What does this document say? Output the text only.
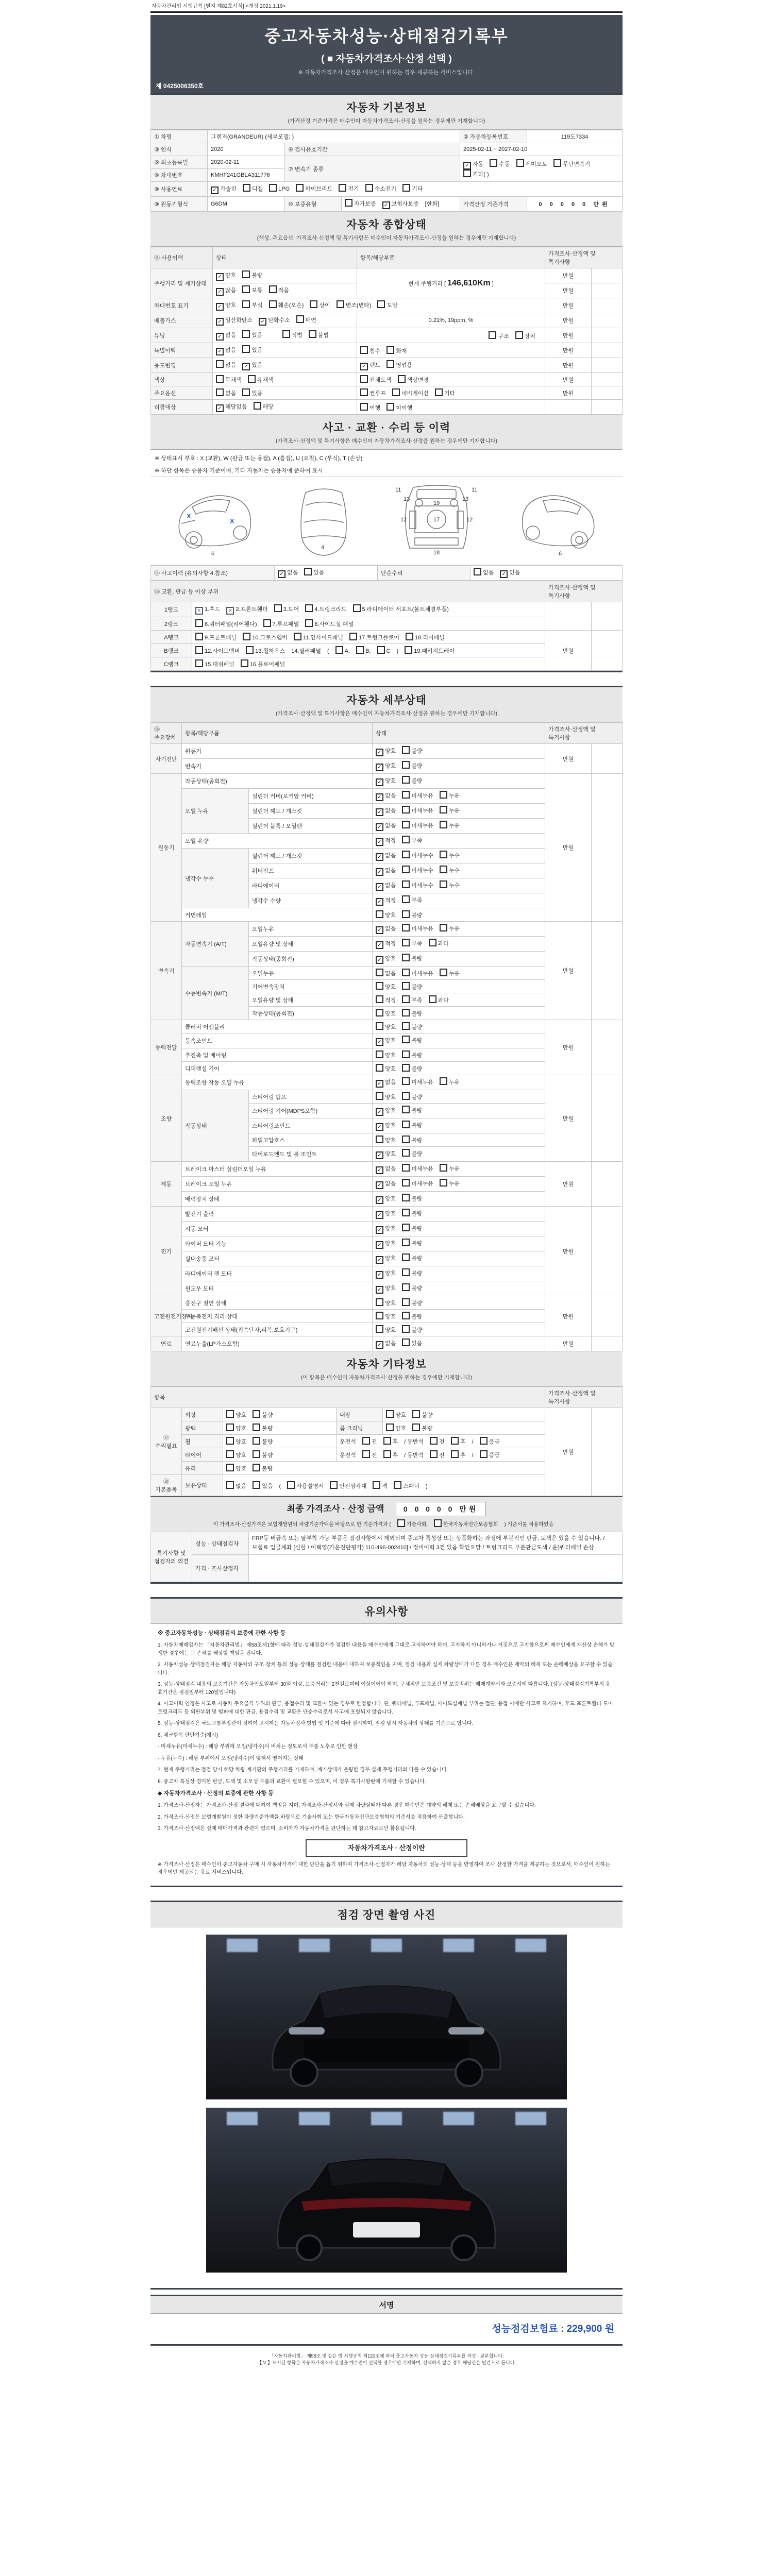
자동차관리법 시행규칙 [별지 제82호서식] <개정 2021.1.19>
중고자동차성능·상태점검기록부
( ■ 자동차가격조사·산정 선택 )
※ 자동차가격조사·산정은 매수인이 원하는 경우 제공하는 서비스입니다.
제 0425006350호
자동차 기본정보
(가격산정 기준가격은 매수인이 자동차가격조사·산정을 원하는 경우에만 기재합니다)
① 차명	그랜저(GRANDEUR) (세부모델: )			② 자동차등록번호	119도7334
③ 연식	2020	④ 검사유효기간		2025-02-11 ~ 2027-02-10	
⑤ 최초등록일	2020-02-11	⑦ 변속기 종류		✓ 자동 수동 세미오토 무단변속기기타( )	
⑥ 차대번호	KMHF241GBLA311776				
⑧ 사용연료	✓ 가솔린 디젤 LPG 하이브리드 전기 수소전기 기타				
⑨ 원동기형식	G6DM	⑩ 보증유형	자가보증 ✓ 보험사보증 [한화]	가격산정 기준가격	0 0 0 0 0 만원
자동차 종합상태
(색상, 주요옵션, 가격조사·산정액 및 특기사항은 매수인이 자동차가격조사·산정을 원하는 경우에만 기재합니다)
⑪ 사용이력	상태	항목/해당부품	가격조사·산정액 및 특기사항	
주행거리 및 계기상태	✓ 양호 불량	현재 주행거리 [ 146,610Km ]	만원	
	✓ 많음 보통 적음		만원	
차대번호 표기	✓ 양호 부식 훼손(오손) 상이 변조(변타) 도말		만원	
배출가스	✓ 일산화탄소 ✓ 탄화수소 매연	0.21%, 19ppm, %	만원	
튜닝	✓ 없음 있음 적법 불법	구조 장치	만원	
특별이력	✓ 없음 있음	침수 화재	만원	
용도변경	없음 ✓ 있음	✓ 렌트 영업용	만원	
색상	무채색 유채색	전체도색 색상변경	만원	
주요옵션	없음 있음	썬루프 네비게이션 기타	만원	
리콜대상	✓ 해당없음 해당	이행 미이행		
사고 · 교환 · 수리 등 이력
(가격조사·산정액 및 특기사항은 매수인이 자동차가격조사·산정을 원하는 경우에만 기재합니다)
※ 상태표시 부호 : X (교환), W (판금 또는 용접), A (흠집), U (요철), C (부식), T (손상)
※ 하단 항목은 승용차 기준이며, 기타 자동차는 승용차에 준하여 표시
X
X
6
4
13	13
19
12	12
17
18
11	11
6
⑭ 사고이력 (유의사항 4.참조)	✓ 없음	있음	단순수리	없음 ✓ 있음
⑮ 교환, 판금 등 이상 부위		가격조사·산정액 및 특기사항	
1랭크	✕ 1.후드 ✕ 2.프론트휀더 3.도어 4.트렁크리드 5.라디에이터 서포트(볼트체결부품)		
2랭크	6.쿼터패널(리어휀다) 7.루프패널 8.사이드실 패널		
A랭크	9.프론트패널 10.크로스멤버 11.인사이드패널 17.트렁크플로어 18.리어패널	만원	
B랭크	12.사이드멤버 13.휠하우스 14.필러패널 ( A, B, C ) 19.패키지트레이		
C랭크	15.대쉬패널 16.플로어패널		
자동차 세부상태
(가격조사·산정액 및 특기사항은 매수인이 자동차가격조사·산정을 원하는 경우에만 기재합니다)
⑯ 주요장치	항목/해당부품		상태	가격조사·산정액 및 특기사항	
자기진단	원동기		✓ 양호 불량	만원	
	변속기		✓ 양호 불량		
원동기	작동상태(공회전)		✓ 양호 불량	만원	
	오일 누유	실린더 커버(로커암 커버)	✓ 없음 미세누유 누유		
		실린더 헤드 / 개스킷	✓ 없음 미세누유 누유		
		실린더 블록 / 오일팬	✓ 없음 미세누유 누유		
	오일 유량		✓ 적정 부족		
	냉각수 누수	실린더 헤드 / 개스킷	✓ 없음 미세누수 누수		
		워터펌프	✓ 없음 미세누수 누수		
		라디에이터	✓ 없음 미세누수 누수		
		냉각수 수량	✓ 적정 부족		
	커먼레일		양호 불량		
변속기	자동변속기 (A/T)	오일누유	✓ 없음 미세누유 누유	만원	
		오일유량 및 상태	✓ 적정 부족 과다		
		작동상태(공회전)	✓ 양호 불량		
	수동변속기 (M/T)	오일누유	없음 미세누유 누유		
		기어변속장치	양호 불량		
		오일유량 및 상태	적정 부족 과다		
		작동상태(공회전)	양호 불량		
동력전달	클러치 어셈블리		양호 불량	만원	
	등속조인트		✓ 양호 불량		
	추진축 및 베어링		양호 불량		
	디퍼렌셜 기어		양호 불량		
조향	동력조향 작동 오일 누유		✓ 없음 미세누유 누유	만원	
	작동상태	스티어링 펌프	양호 불량		
		스티어링 기어(MDPS포함)	✓ 양호 불량		
		스티어링조인트	✓ 양호 불량		
		파워고압호스	양호 불량		
		타이로드엔드 및 볼 조인트	✓ 양호 불량		
제동	브레이크 마스터 실린더오일 누유		✓ 없음 미세누유 누유	만원	
	브레이크 오일 누유		✓ 없음 미세누유 누유		
	배력장치 상태		✓ 양호 불량		
전기	발전기 출력		✓ 양호 불량	만원	
	시동 모터		✓ 양호 불량		
	와이퍼 모터 기능		✓ 양호 불량		
	실내송풍 모터		✓ 양호 불량		
	라디에이터 팬 모터		✓ 양호 불량		
	윈도우 모터		✓ 양호 불량		
고전원전기장치	충전구 절연 상태		양호 불량	만원	
	구동축전지 격리 상태		양호 불량		
	고전원전기배선 상태(접속단자,피복,보호기구)		양호 불량		
연료	연료누출(LP가스포함)		✓ 없음 있음	만원	
자동차 기타정보
(이 항목은 매수인이 자동차가격조사·산정을 원하는 경우에만 기재합니다)
항목					가격조사·산정액 및 특기사항	
⑰ 수리필요	외장	양호 불량	내장	양호 불량	만원	
	광택	양호 불량	룸 크리닝	양호 불량		
	휠	양호 불량	운전석 전 후 / 동반석 전 후 / 응급			
	타이어	양호 불량	운전석 전 후 / 동반석 전 후 / 응급			
	유리	양호 불량				
⑱ 기본품목	보유상태	없음 있음 ( 사용설명서 안전삼각대 잭 스패너 )				
최종 가격조사 · 산정 금액	0 0 0 0 0 만원
이 가격조사·산정가격은 보험개발원의 차량기준가액을 바탕으로 한 기준가격과 (	기술사회,	한국자동차진단보증협회 ) 기준서를 적용하였음
특기사항 및 점검자의 의견	성능 · 상태점검자	FRP등 비금속 또는 탈부착 가능 부품은 점검사항에서 제외되며 중고차 특성상 또는 상품화하는 과정에 부분적인 판금, 도색은 있을 수 있습니다. / 보험료 입금계좌 [신한 / 이택영(가온진단평가) 110-496-002410] / 정비이력 3건 있음 확인요망 / 트렁크리드 부분판금도색 / 운)쿼터패널 손상
	가격 · 조사산정자	
유의사항

※ 중고자동차성능 · 상태점검의 보증에 관한 사항 등

1. 자동차매매업자는 「자동차관리법」 제58조제1항에 따라 성능·상태점검자가 점검한 내용을 매수인에게 그대로 고지하여야 하며, 고지하지 아니하거나 거짓으로 고지함으로써 매수인에게 재산상 손해가 발생한 경우에는 그 손해를 배상할 책임을 집니다.

2. 자동차성능·상태점검자는 해당 자동차의 구조·장치 등의 성능·상태를 점검한 내용에 대하여 보증책임을 지며, 점검 내용과 실제 차량상태가 다른 경우 매수인은 계약의 해제 또는 손해배상을 요구할 수 있습니다.

3. 성능·상태점검 내용의 보증기간은 자동차인도일부터 30일 이상, 보증거리는 2천킬로미터 이상이어야 하며, 구체적인 보증조건 및 보증범위는 매매계약서와 보증서에 따릅니다. (성능·상태점검기록부의 유효기간은 점검일부터 120일입니다)

4. 사고이력 인정은 사고로 자동차 주요골격 부위의 판금, 용접수리 및 교환이 있는 경우로 한정합니다. 단, 쿼터패널, 루프패널, 사이드실패널 부위는 절단, 용접 시에만 사고로 표기하며, 후드·프론트휀더·도어·트렁크리드 등 외판부위 및 범퍼에 대한 판금, 용접수리 및 교환은 단순수리로서 사고에 포함되지 않습니다.

5. 성능·상태점검은 국토교통부장관이 정하여 고시하는 자동차검사 방법 및 기준에 따라 실시하며, 점검 당시 자동차의 상태를 기준으로 합니다.

6. 체크항목 판단기준(예시)

- 미세누유(미세누수) : 해당 부위에 오일(냉각수)이 비치는 정도로서 부품 노후로 인한 현상

- 누유(누수) : 해당 부위에서 오일(냉각수)이 맺혀서 떨어지는 상태

7. 현재 주행거리는 점검 당시 해당 차량 계기판의 주행거리를 기재하며, 계기상태가 불량한 경우 실제 주행거리와 다를 수 있습니다.

8. 중고차 특성상 경미한 판금, 도색 및 소모성 부품의 교환이 필요할 수 있으며, 이 경우 특기사항란에 기재할 수 있습니다.

◆ 자동차가격조사 · 산정의 보증에 관한 사항 등

1. 가격조사·산정자는 가격조사·산정 결과에 대하여 책임을 지며, 가격조사·산정서와 실제 차량상태가 다른 경우 매수인은 계약의 해제 또는 손해배상을 요구할 수 있습니다.

2. 가격조사·산정은 보험개발원이 정한 차량기준가액을 바탕으로 기술사회 또는 한국자동차진단보증협회의 기준서를 적용하여 산출합니다.

3. 가격조사·산정액은 실제 매매가격과 관련이 없으며, 소비자가 자동차가격을 판단하는 데 참고자료로만 활용됩니다.

자동차가격조사 · 산정이란

※ 가격조사·산정은 매수인이 중고자동차 구매 시 자동차가격에 대한 판단을 돕기 위하여 가격조사·산정자가 해당 자동차의 성능·상태 등을 반영하여 조사·산정한 가격을 제공하는 것으로서, 매수인이 원하는 경우에만 제공되는 유료 서비스입니다.

점검 장면 촬영 사진
서명
성능점검보험료 : 229,900 원
「자동차관리법」 제58조 및 같은 법 시행규칙 제120조에 따라 중고자동차 성능·상태점검기록부를 작성 · 교부합니다.
【 V 】표시된 항목은 자동차가격조사·산정을 매수인이 선택한 경우에만 기재하며, 선택하지 않은 경우 해당란은 빈칸으로 둡니다.
